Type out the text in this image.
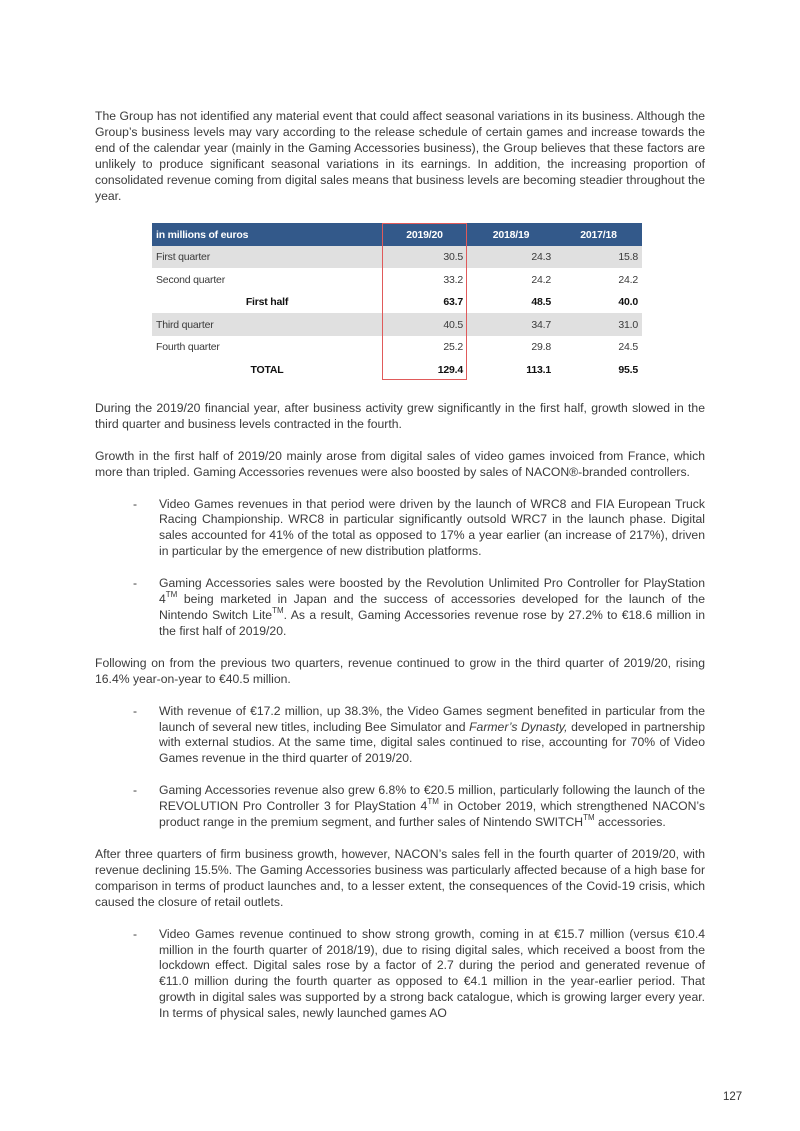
The Group has not identified any material event that could affect seasonal variations in its business. Although the Group’s business levels may vary according to the release schedule of certain games and increase towards the end of the calendar year (mainly in the Gaming Accessories business), the Group believes that these factors are unlikely to produce significant seasonal variations in its earnings. In addition, the increasing proportion of consolidated revenue coming from digital sales means that business levels are becoming steadier throughout the year.

in millions of euros	2019/20	2018/19	2017/18
First quarter	30.5	24.3	15.8
Second quarter	33.2	24.2	24.2
First half	63.7	48.5	40.0
Third quarter	40.5	34.7	31.0
Fourth quarter	25.2	29.8	24.5
TOTAL	129.4	113.1	95.5

During the 2019/20 financial year, after business activity grew significantly in the first half, growth slowed in the third quarter and business levels contracted in the fourth.

Growth in the first half of 2019/20 mainly arose from digital sales of video games invoiced from France, which more than tripled. Gaming Accessories revenues were also boosted by sales of NACON®-branded controllers.

- Video Games revenues in that period were driven by the launch of WRC8 and FIA European Truck Racing Championship. WRC8 in particular significantly outsold WRC7 in the launch phase. Digital sales accounted for 41% of the total as opposed to 17% a year earlier (an increase of 217%), driven in particular by the emergence of new distribution platforms.

- Gaming Accessories sales were boosted by the Revolution Unlimited Pro Controller for PlayStation 4™ being marketed in Japan and the success of accessories developed for the launch of the Nintendo Switch Lite™. As a result, Gaming Accessories revenue rose by 27.2% to €18.6 million in the first half of 2019/20.

Following on from the previous two quarters, revenue continued to grow in the third quarter of 2019/20, rising 16.4% year-on-year to €40.5 million.

- With revenue of €17.2 million, up 38.3%, the Video Games segment benefited in particular from the launch of several new titles, including Bee Simulator and Farmer’s Dynasty, developed in partnership with external studios. At the same time, digital sales continued to rise, accounting for 70% of Video Games revenue in the third quarter of 2019/20.

- Gaming Accessories revenue also grew 6.8% to €20.5 million, particularly following the launch of the REVOLUTION Pro Controller 3 for PlayStation 4™ in October 2019, which strengthened NACON’s product range in the premium segment, and further sales of Nintendo SWITCH™ accessories.

After three quarters of firm business growth, however, NACON’s sales fell in the fourth quarter of 2019/20, with revenue declining 15.5%. The Gaming Accessories business was particularly affected because of a high base for comparison in terms of product launches and, to a lesser extent, the consequences of the Covid-19 crisis, which caused the closure of retail outlets.

- Video Games revenue continued to show strong growth, coming in at €15.7 million (versus €10.4 million in the fourth quarter of 2018/19), due to rising digital sales, which received a boost from the lockdown effect. Digital sales rose by a factor of 2.7 during the period and generated revenue of €11.0 million during the fourth quarter as opposed to €4.1 million in the year-earlier period. That growth in digital sales was supported by a strong back catalogue, which is growing larger every year. In terms of physical sales, newly launched games AO

127
